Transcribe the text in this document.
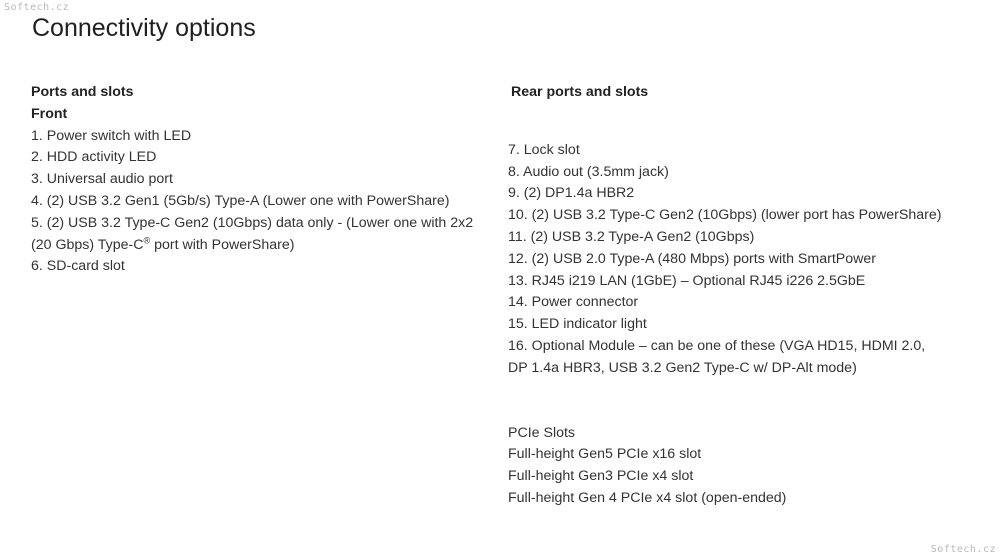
Softech.cz
Softech.cz
Connectivity options
Ports and slots
Front
1. Power switch with LED
2. HDD activity LED
3. Universal audio port
4. (2) USB 3.2 Gen1 (5Gb/s) Type-A (Lower one with PowerShare)
5. (2) USB 3.2 Type-C Gen2 (10Gbps) data only - (Lower one with 2x2
(20 Gbps) Type-C® port with PowerShare)
6. SD-card slot
Rear ports and slots
7. Lock slot
8. Audio out (3.5mm jack)
9. (2) DP1.4a HBR2
10. (2) USB 3.2 Type-C Gen2 (10Gbps) (lower port has PowerShare)
11. (2) USB 3.2 Type-A Gen2 (10Gbps)
12. (2) USB 2.0 Type-A (480 Mbps) ports with SmartPower
13. RJ45 i219 LAN (1GbE) – Optional RJ45 i226 2.5GbE
14. Power connector
15. LED indicator light
16. Optional Module – can be one of these (VGA HD15, HDMI 2.0,
DP 1.4a HBR3, USB 3.2 Gen2 Type-C w/ DP-Alt mode)
PCIe Slots
Full-height Gen5 PCIe x16 slot
Full-height Gen3 PCIe x4 slot
Full-height Gen 4 PCIe x4 slot (open-ended)
